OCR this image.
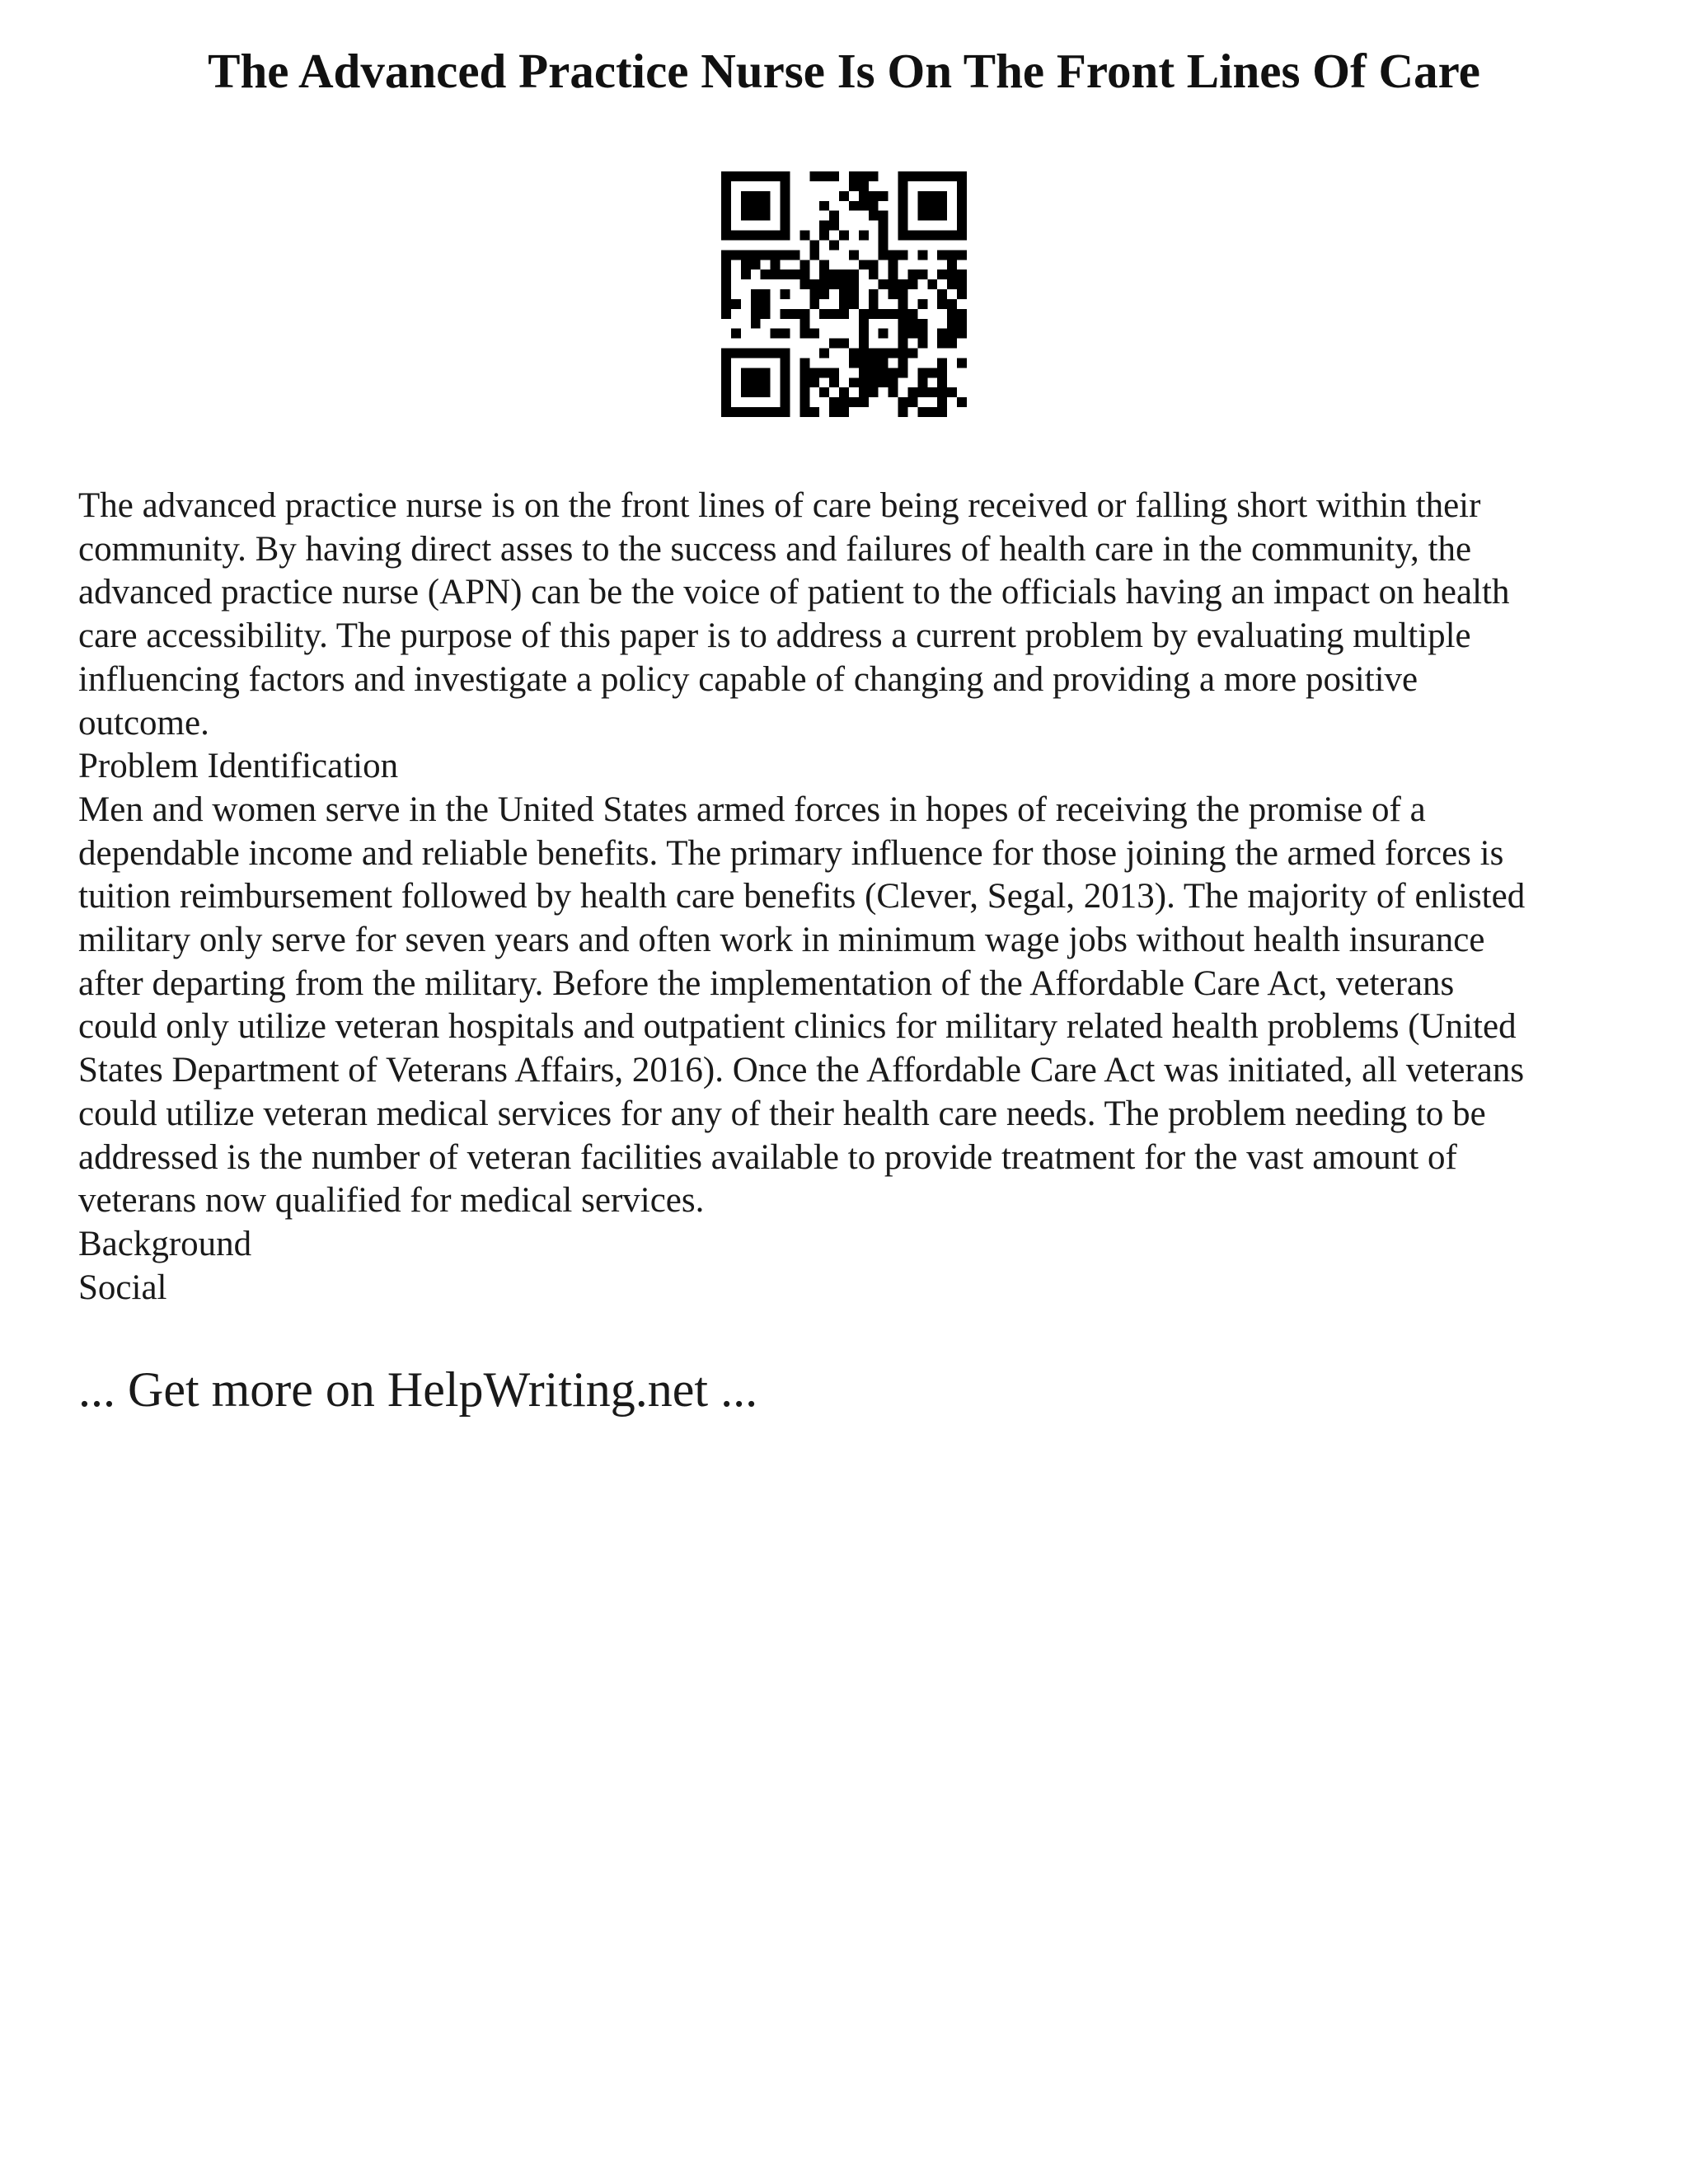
The Advanced Practice Nurse Is On The Front Lines Of Care

The advanced practice nurse is on the front lines of care being received or falling short within their
community. By having direct asses to the success and failures of health care in the community, the
advanced practice nurse (APN) can be the voice of patient to the officials having an impact on health
care accessibility. The purpose of this paper is to address a current problem by evaluating multiple
influencing factors and investigate a policy capable of changing and providing a more positive
outcome.

Problem Identification

Men and women serve in the United States armed forces in hopes of receiving the promise of a
dependable income and reliable benefits. The primary influence for those joining the armed forces is
tuition reimbursement followed by health care benefits (Clever, Segal, 2013). The majority of enlisted
military only serve for seven years and often work in minimum wage jobs without health insurance
after departing from the military. Before the implementation of the Affordable Care Act, veterans
could only utilize veteran hospitals and outpatient clinics for military related health problems (United
States Department of Veterans Affairs, 2016). Once the Affordable Care Act was initiated, all veterans
could utilize veteran medical services for any of their health care needs. The problem needing to be
addressed is the number of veteran facilities available to provide treatment for the vast amount of
veterans now qualified for medical services.

Background

Social

... Get more on HelpWriting.net ...
